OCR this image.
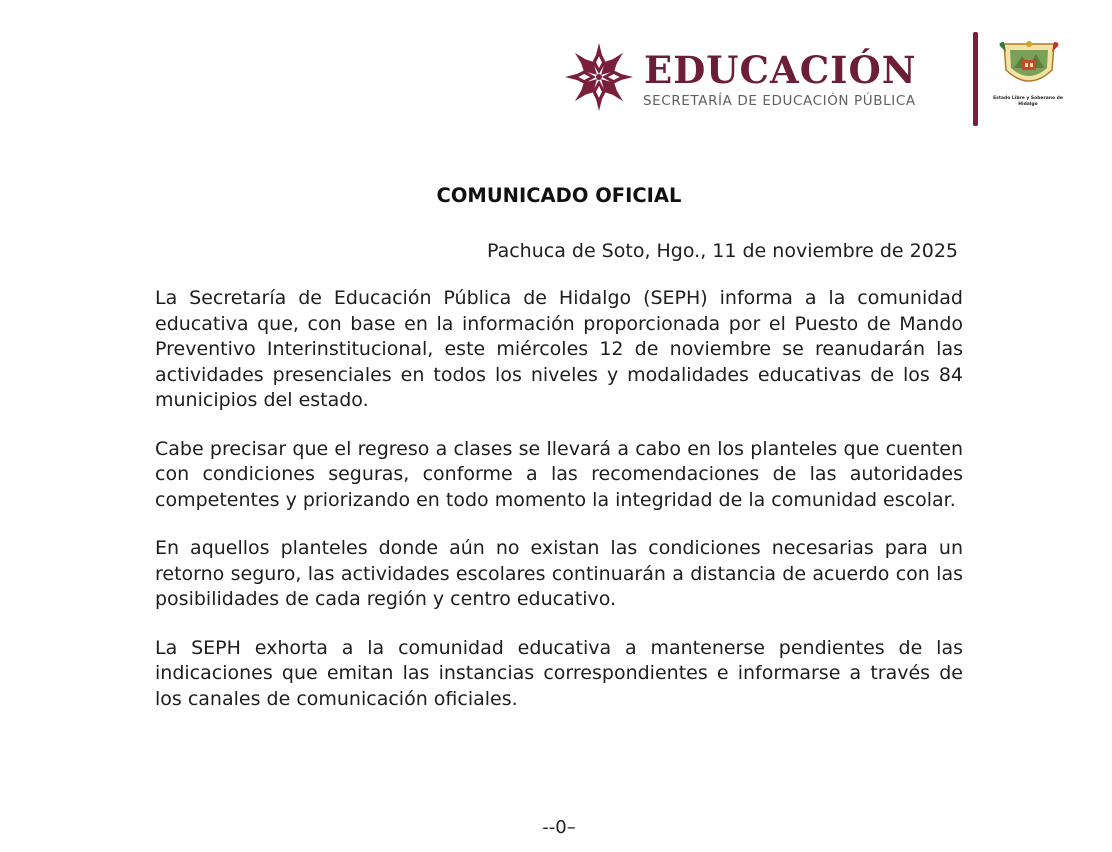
EDUCACIÓN
SECRETARÍA DE EDUCACIÓN PÚBLICA	Estado Libre y Soberano de Hidalgo
COMUNICADO OFICIAL
Pachuca de Soto, Hgo., 11 de noviembre de 2025

La Secretaría de Educación Pública de Hidalgo (SEPH) informa a la comunidad educativa que, con base en la información proporcionada por el Puesto de Mando Preventivo Interinstitucional, este miércoles 12 de noviembre se reanudarán las actividades presenciales en todos los niveles y modalidades educativas de los 84 municipios del estado.

Cabe precisar que el regreso a clases se llevará a cabo en los planteles que cuenten con condiciones seguras, conforme a las recomendaciones de las autoridades competentes y priorizando en todo momento la integridad de la comunidad escolar.

En aquellos planteles donde aún no existan las condiciones necesarias para un retorno seguro, las actividades escolares continuarán a distancia de acuerdo con las posibilidades de cada región y centro educativo.

La SEPH exhorta a la comunidad educativa a mantenerse pendientes de las indicaciones que emitan las instancias correspondientes e informarse a través de los canales de comunicación oficiales.

--0–
